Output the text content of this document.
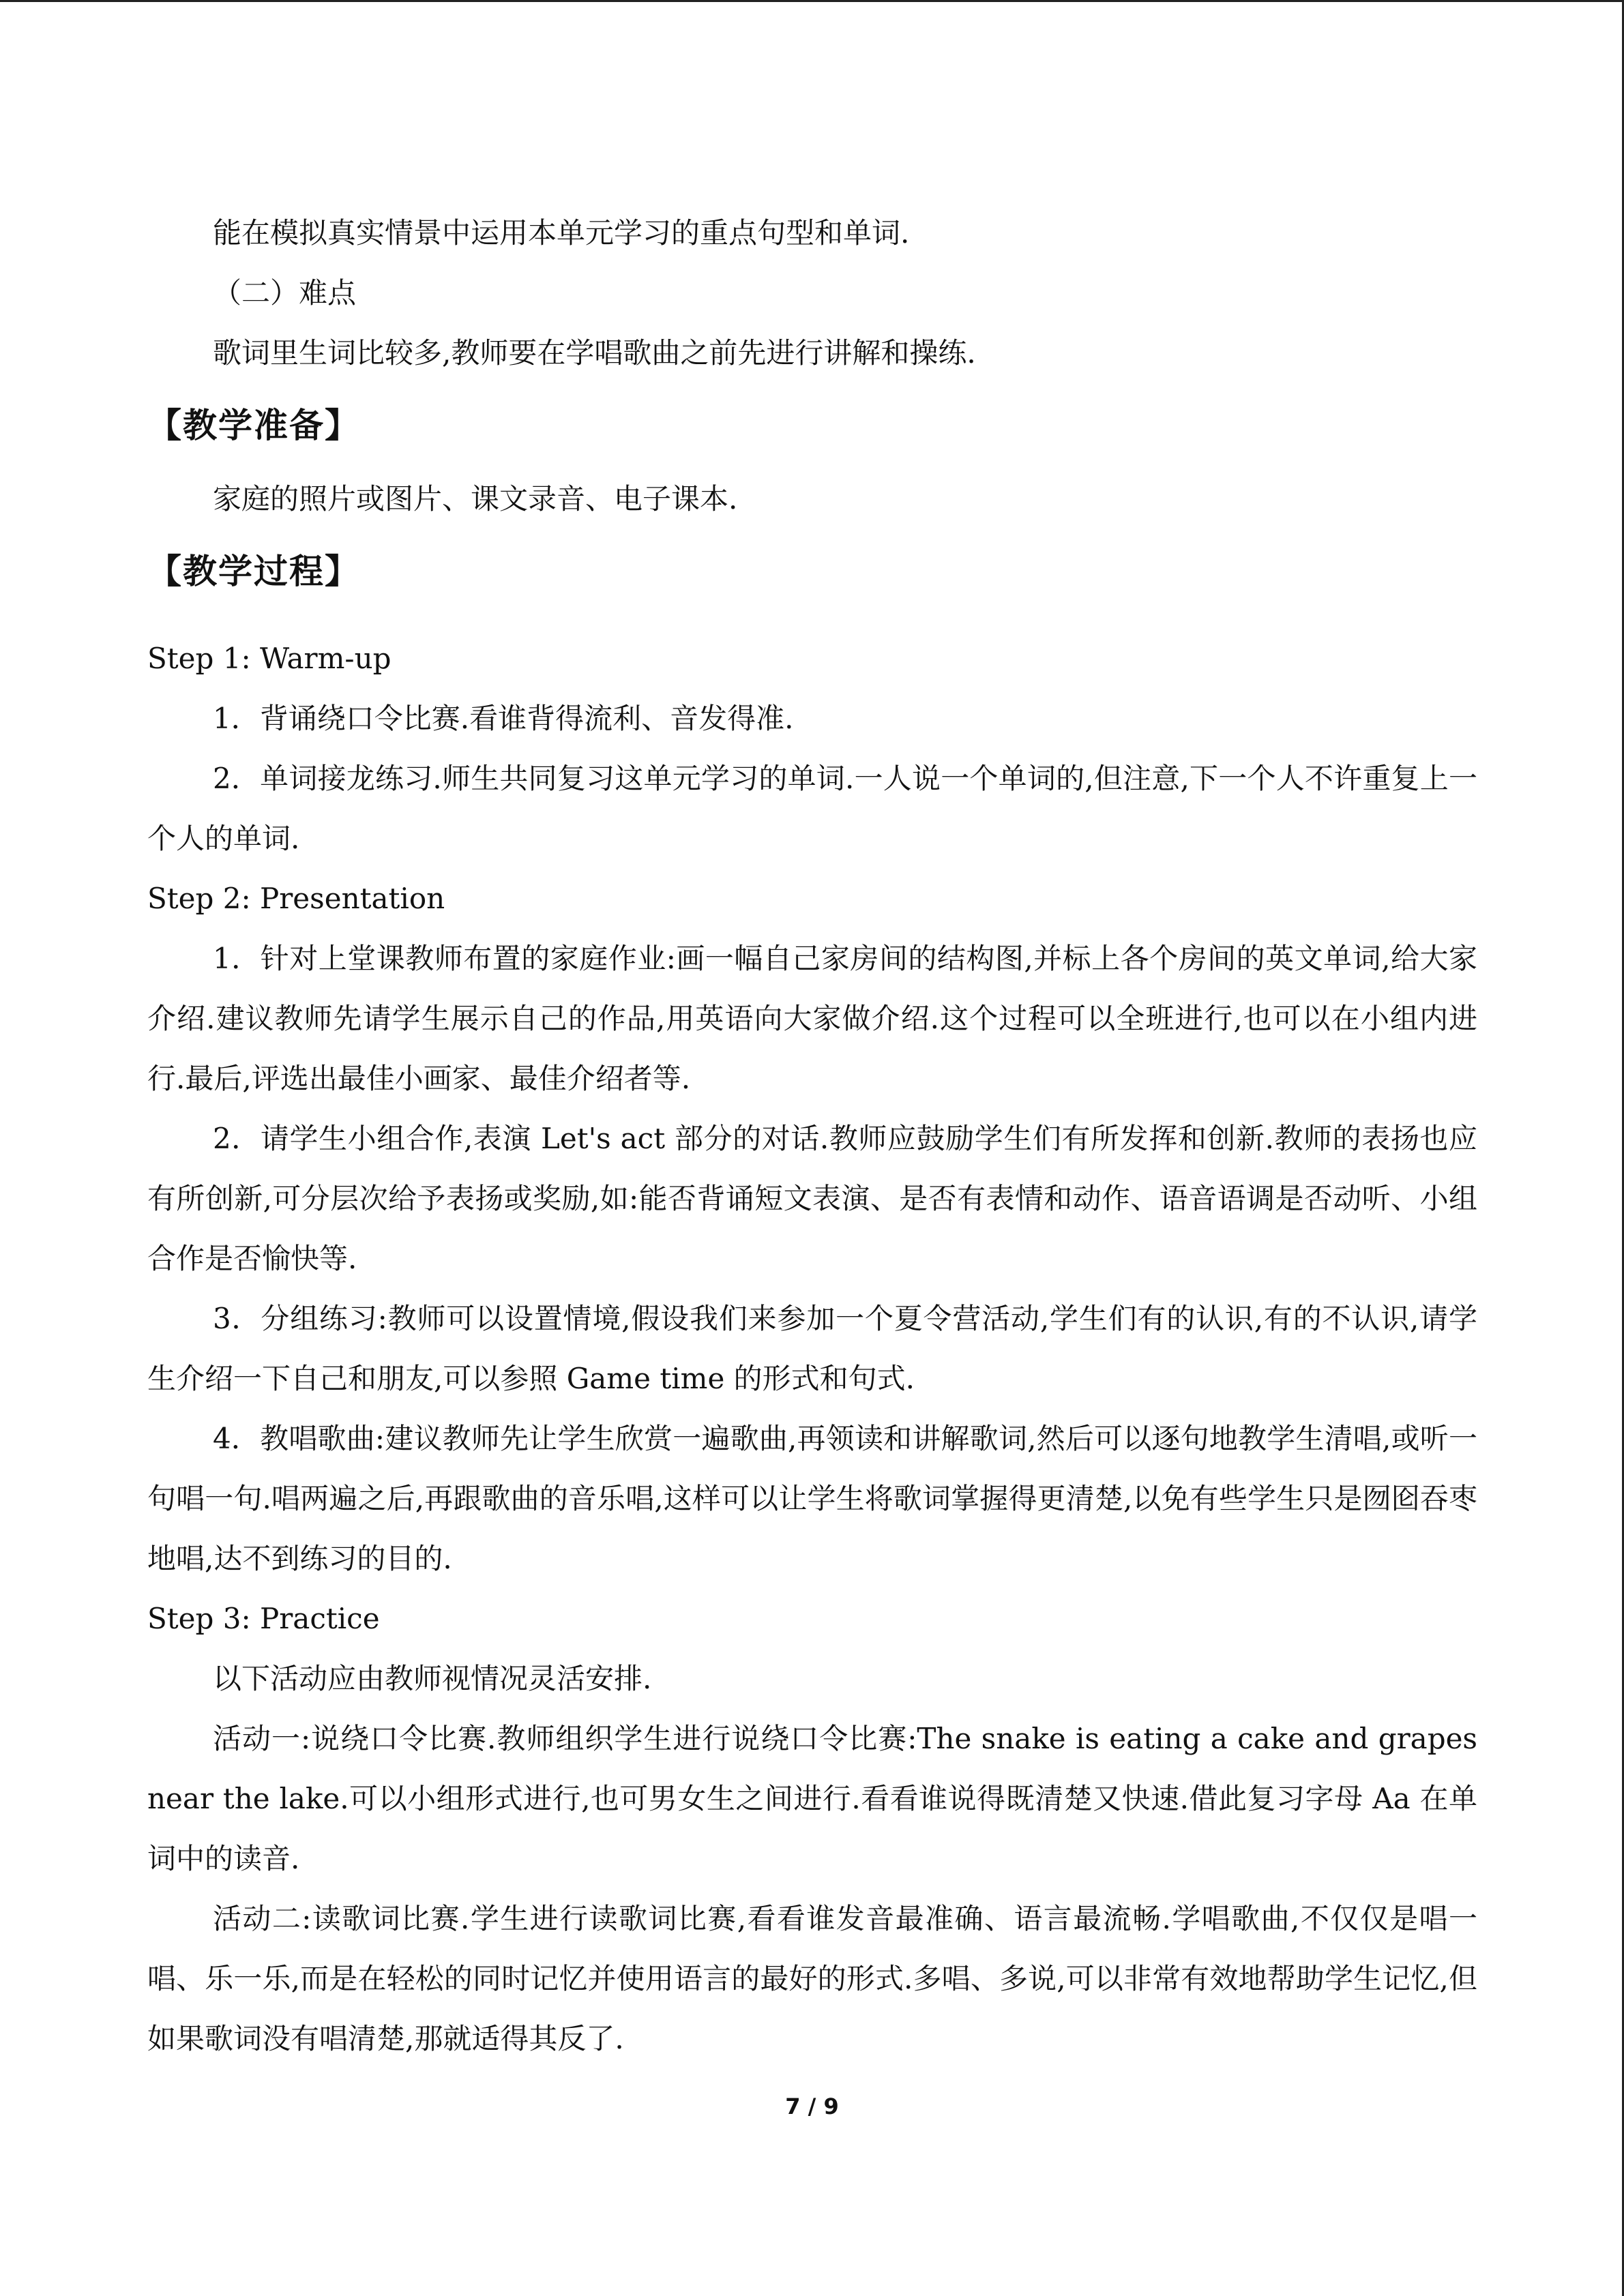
能在模拟真实情景中运用本单元学习的重点句型和单词.

（二）难点

歌词里生词比较多,教师要在学唱歌曲之前先进行讲解和操练.

【教学准备】

家庭的照片或图片、课文录音、电子课本.

【教学过程】

Step 1: Warm-up

1．背诵绕口令比赛.看谁背得流利、音发得准.

2．单词接龙练习.师生共同复习这单元学习的单词.一人说一个单词的,但注意,下一个人不许重复上一个人的单词.

Step 2: Presentation

1．针对上堂课教师布置的家庭作业:画一幅自己家房间的结构图,并标上各个房间的英文单词,给大家介绍.建议教师先请学生展示自己的作品,用英语向大家做介绍.这个过程可以全班进行,也可以在小组内进行.最后,评选出最佳小画家、最佳介绍者等.

2．请学生小组合作,表演 Let's act 部分的对话.教师应鼓励学生们有所发挥和创新.教师的表扬也应有所创新,可分层次给予表扬或奖励,如:能否背诵短文表演、是否有表情和动作、语音语调是否动听、小组合作是否愉快等.

3．分组练习:教师可以设置情境,假设我们来参加一个夏令营活动,学生们有的认识,有的不认识,请学生介绍一下自己和朋友,可以参照 Game time 的形式和句式.

4．教唱歌曲:建议教师先让学生欣赏一遍歌曲,再领读和讲解歌词,然后可以逐句地教学生清唱,或听一句唱一句.唱两遍之后,再跟歌曲的音乐唱,这样可以让学生将歌词掌握得更清楚,以免有些学生只是囫囵吞枣地唱,达不到练习的目的.

Step 3: Practice

以下活动应由教师视情况灵活安排.

活动一:说绕口令比赛.教师组织学生进行说绕口令比赛:The snake is eating a cake and grapes near the lake.可以小组形式进行,也可男女生之间进行.看看谁说得既清楚又快速.借此复习字母 Aa 在单词中的读音.

活动二:读歌词比赛.学生进行读歌词比赛,看看谁发音最准确、语言最流畅.学唱歌曲,不仅仅是唱一唱、乐一乐,而是在轻松的同时记忆并使用语言的最好的形式.多唱、多说,可以非常有效地帮助学生记忆,但如果歌词没有唱清楚,那就适得其反了.

7 / 9
